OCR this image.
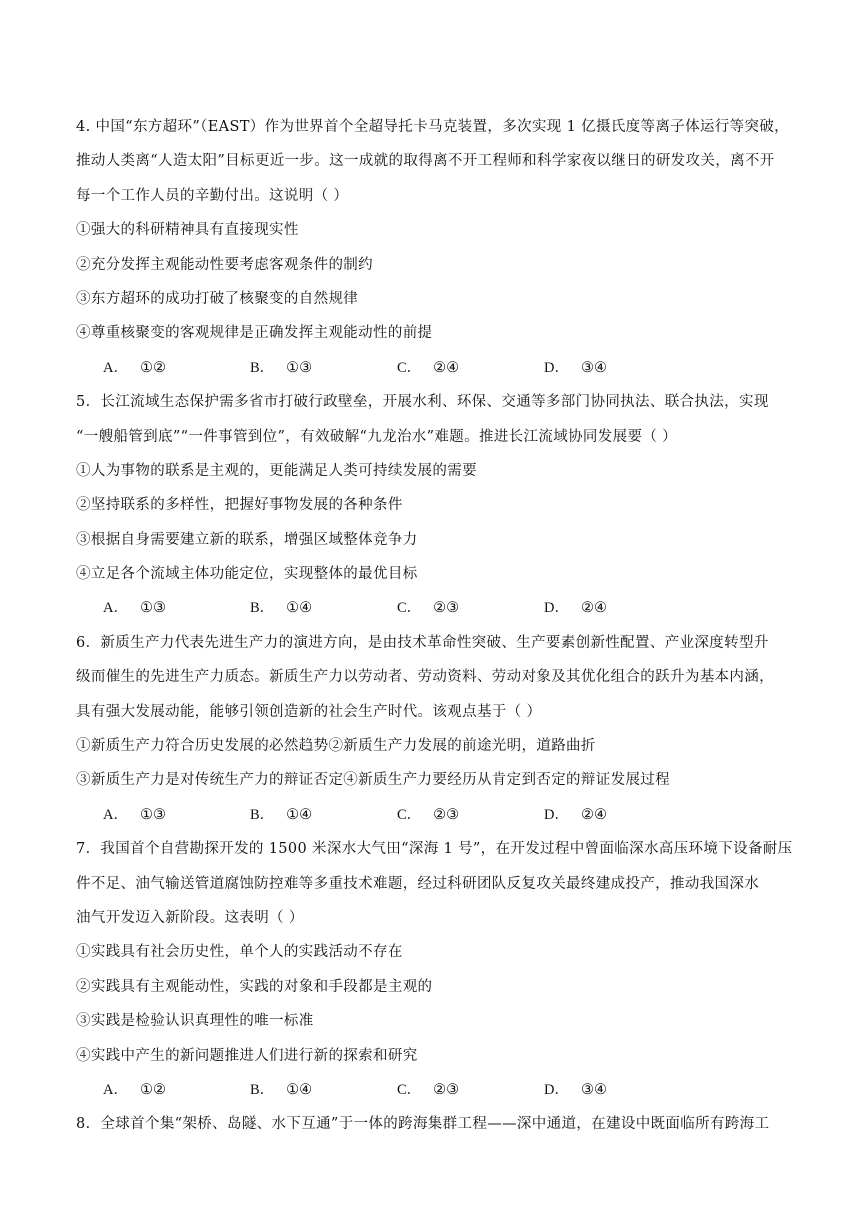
4. 中国“东方超环”（EAST）作为世界首个全超导托卡马克装置，多次实现 1 亿摄氏度等离子体运行等突破，
推动人类离“人造太阳”目标更近一步。这一成就的取得离不开工程师和科学家夜以继日的研发攻关，离不开
每一个工作人员的辛勤付出。这说明（ ）
①强大的科研精神具有直接现实性
②充分发挥主观能动性要考虑客观条件的制约
③东方超环的成功打破了核聚变的自然规律
④尊重核聚变的客观规律是正确发挥主观能动性的前提
A． ①②	B． ①③	C． ②④	D． ③④
5．长江流域生态保护需多省市打破行政壁垒，开展水利、环保、交通等多部门协同执法、联合执法，实现
“一艘船管到底”“一件事管到位”，有效破解“九龙治水”难题。推进长江流域协同发展要（ ）
①人为事物的联系是主观的，更能满足人类可持续发展的需要
②坚持联系的多样性，把握好事物发展的各种条件
③根据自身需要建立新的联系，增强区域整体竞争力
④立足各个流域主体功能定位，实现整体的最优目标
A． ①③	B． ①④	C． ②③	D． ②④
6．新质生产力代表先进生产力的演进方向，是由技术革命性突破、生产要素创新性配置、产业深度转型升
级而催生的先进生产力质态。新质生产力以劳动者、劳动资料、劳动对象及其优化组合的跃升为基本内涵，
具有强大发展动能，能够引领创造新的社会生产时代。该观点基于（ ）
①新质生产力符合历史发展的必然趋势②新质生产力发展的前途光明，道路曲折
③新质生产力是对传统生产力的辩证否定④新质生产力要经历从肯定到否定的辩证发展过程
A． ①③	B． ①④	C． ②③	D． ②④
7．我国首个自营勘探开发的 1500 米深水大气田“深海 1 号”，在开发过程中曾面临深水高压环境下设备耐压
件不足、油气输送管道腐蚀防控难等多重技术难题，经过科研团队反复攻关最终建成投产，推动我国深水
油气开发迈入新阶段。这表明（ ）
①实践具有社会历史性，单个人的实践活动不存在
②实践具有主观能动性，实践的对象和手段都是主观的
③实践是检验认识真理性的唯一标准
④实践中产生的新问题推进人们进行新的探索和研究
A． ①②	B． ①④	C． ②③	D． ③④
8．全球首个集“架桥、岛隧、水下互通”于一体的跨海集群工程——深中通道，在建设中既面临所有跨海工
